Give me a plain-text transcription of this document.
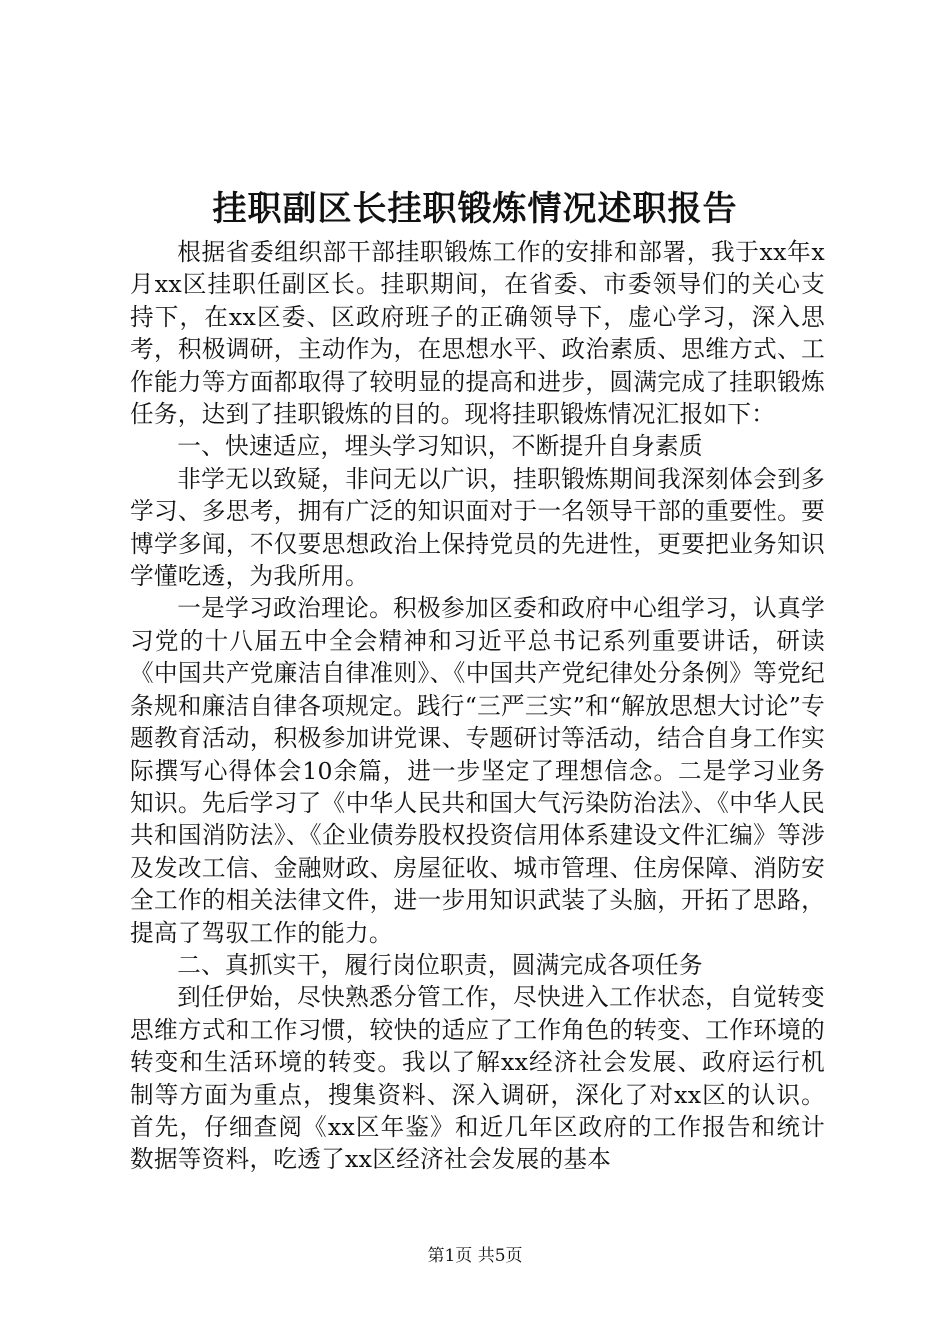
挂职副区长挂职锻炼情况述职报告

根据省委组织部干部挂职锻炼工作的安排和部署，我于xx年x月xx区挂职任副区长。挂职期间，在省委、市委领导们的关心支持下，在xx区委、区政府班子的正确领导下，虚心学习，深入思考，积极调研，主动作为，在思想水平、政治素质、思维方式、工作能力等方面都取得了较明显的提高和进步，圆满完成了挂职锻炼任务，达到了挂职锻炼的目的。现将挂职锻炼情况汇报如下：

一、快速适应，埋头学习知识，不断提升自身素质

非学无以致疑，非问无以广识，挂职锻炼期间我深刻体会到多学习、多思考，拥有广泛的知识面对于一名领导干部的重要性。要博学多闻，不仅要思想政治上保持党员的先进性，更要把业务知识学懂吃透，为我所用。

一是学习政治理论。积极参加区委和政府中心组学习，认真学习党的十八届五中全会精神和习近平总书记系列重要讲话，研读《中国共产党廉洁自律准则》、《中国共产党纪律处分条例》等党纪条规和廉洁自律各项规定。践行“三严三实”和“解放思想大讨论”专题教育活动，积极参加讲党课、专题研讨等活动，结合自身工作实际撰写心得体会10余篇，进一步坚定了理想信念。二是学习业务知识。先后学习了《中华人民共和国大气污染防治法》、《中华人民共和国消防法》、《企业债券股权投资信用体系建设文件汇编》等涉及发改工信、金融财政、房屋征收、城市管理、住房保障、消防安全工作的相关法律文件，进一步用知识武装了头脑，开拓了思路，提高了驾驭工作的能力。

二、真抓实干，履行岗位职责，圆满完成各项任务

到任伊始，尽快熟悉分管工作，尽快进入工作状态，自觉转变思维方式和工作习惯，较快的适应了工作角色的转变、工作环境的转变和生活环境的转变。我以了解xx经济社会发展、政府运行机制等方面为重点，搜集资料、深入调研，深化了对xx区的认识。首先，仔细查阅《xx区年鉴》和近几年区政府的工作报告和统计数据等资料，吃透了xx区经济社会发展的基本

第1页 共5页
